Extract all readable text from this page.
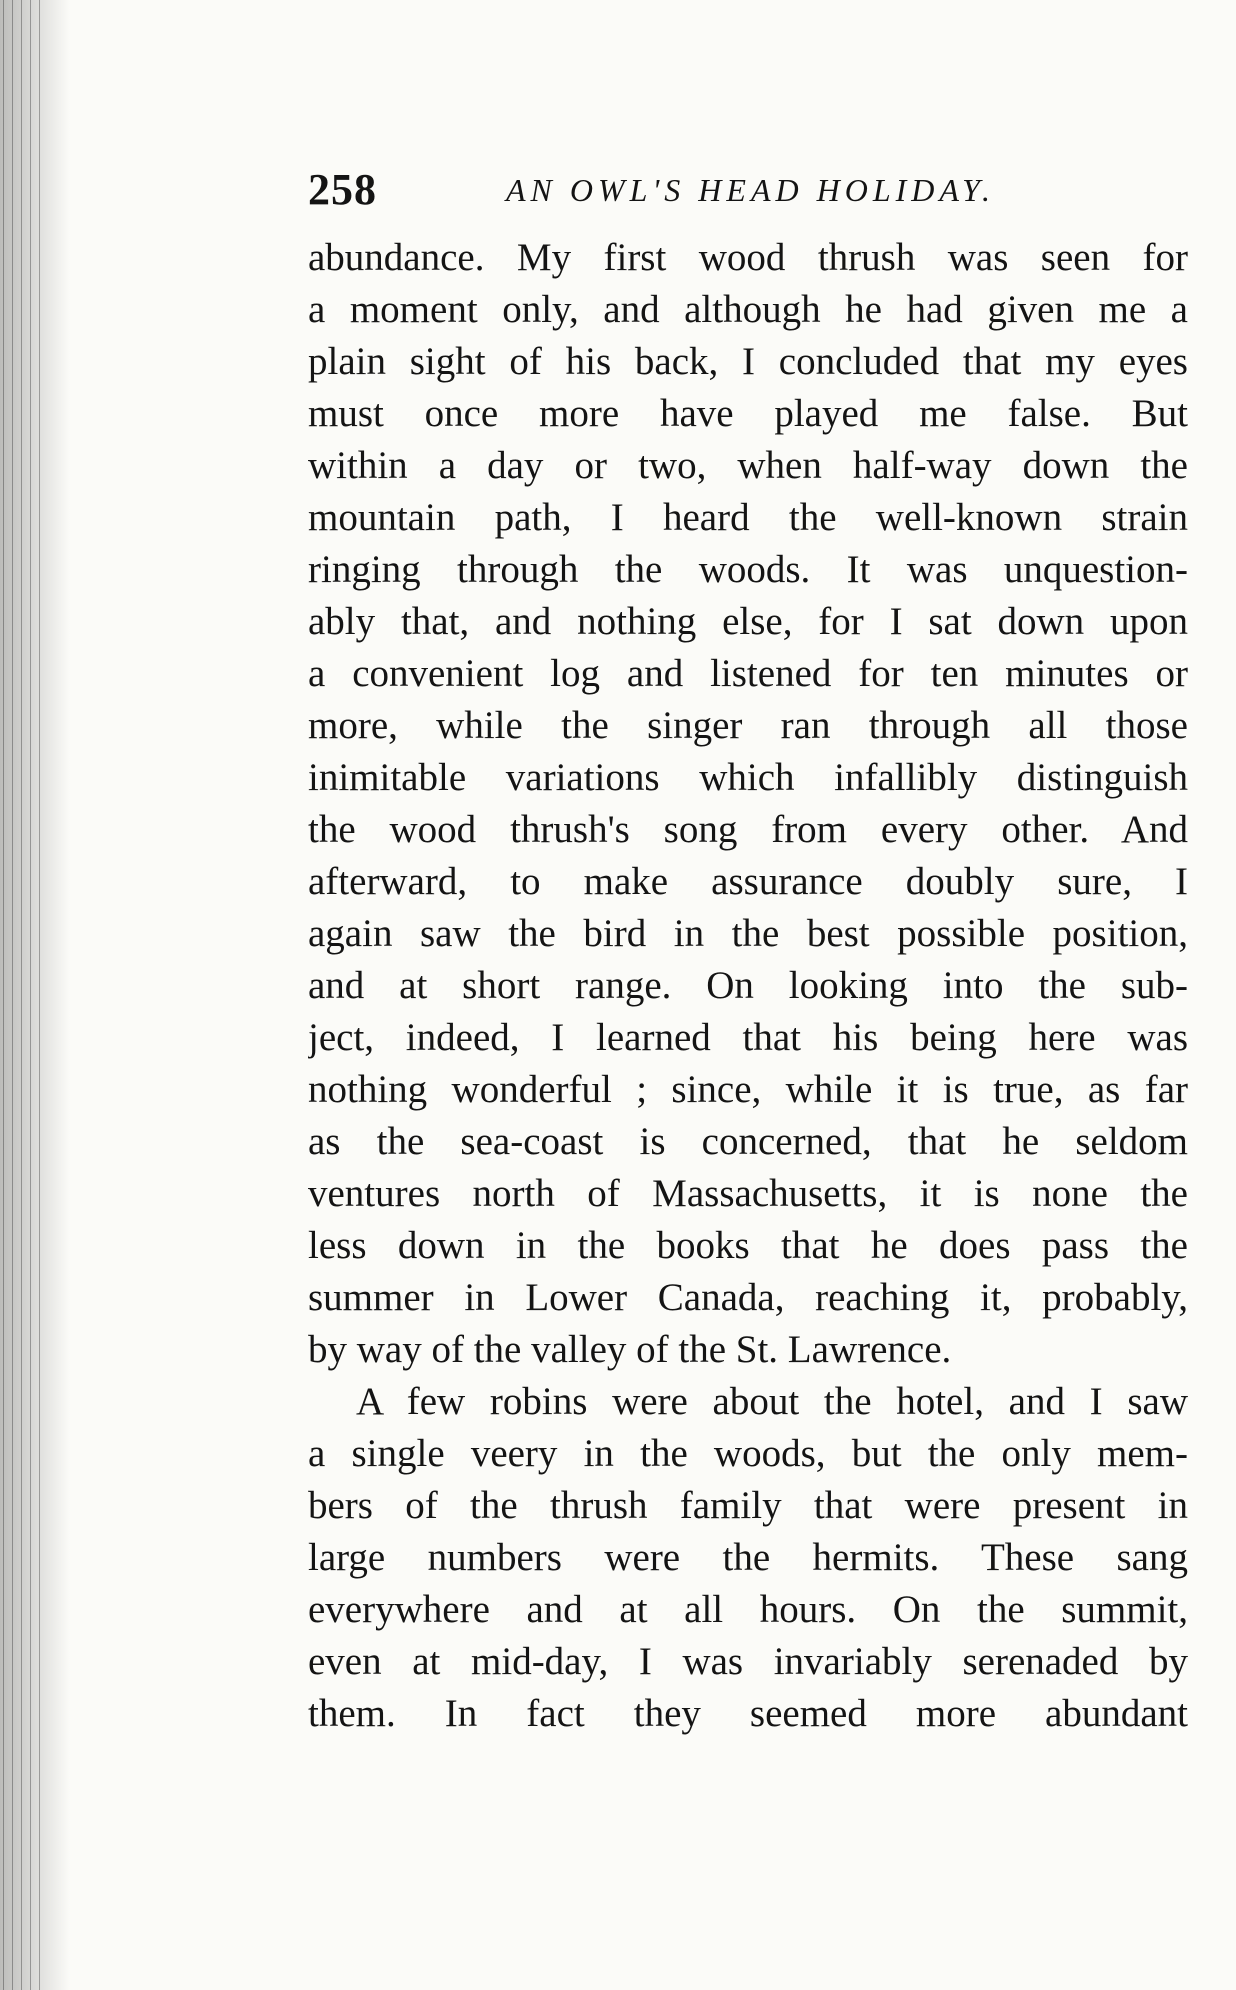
258	AN OWL'S HEAD HOLIDAY.
abundance. My first wood thrush was seen for
a moment only, and although he had given me a
plain sight of his back, I concluded that my eyes
must once more have played me false. But
within a day or two, when half-way down the
mountain path, I heard the well-known strain
ringing through the woods. It was unquestion-
ably that, and nothing else, for I sat down upon
a convenient log and listened for ten minutes or
more, while the singer ran through all those
inimitable variations which infallibly distinguish
the wood thrush's song from every other. And
afterward, to make assurance doubly sure, I
again saw the bird in the best possible position,
and at short range. On looking into the sub-
ject, indeed, I learned that his being here was
nothing wonderful ; since, while it is true, as far
as the sea-coast is concerned, that he seldom
ventures north of Massachusetts, it is none the
less down in the books that he does pass the
summer in Lower Canada, reaching it, probably,
by way of the valley of the St. Lawrence.
A few robins were about the hotel, and I saw
a single veery in the woods, but the only mem-
bers of the thrush family that were present in
large numbers were the hermits. These sang
everywhere and at all hours. On the summit,
even at mid-day, I was invariably serenaded by
them. In fact they seemed more abundant
